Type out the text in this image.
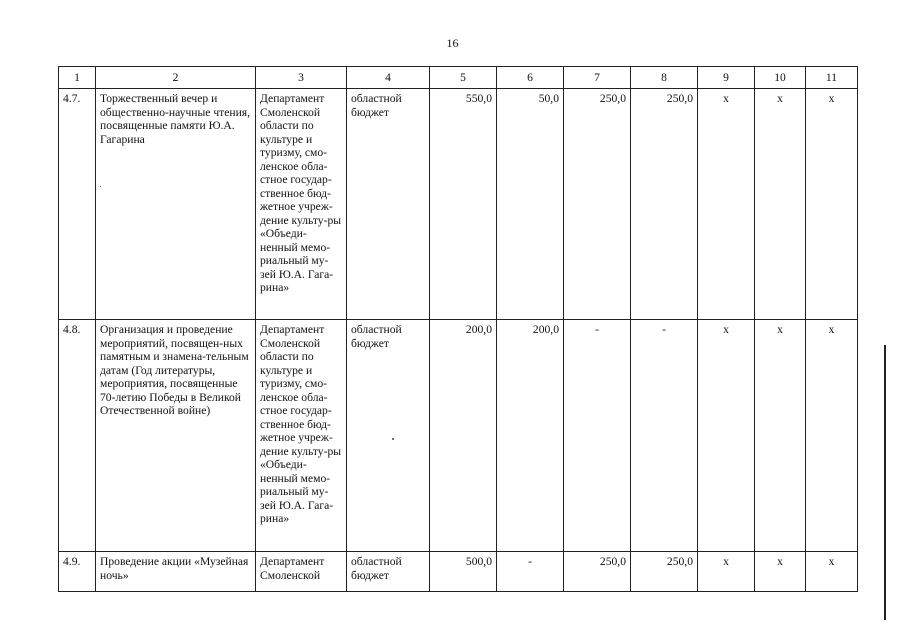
16
1	2	3	4	5	6	7	8	9	10	11
4.7.	Торжественный вечер и общественно-научные чтения, посвященные памяти Ю.А. Гагарина	Департамент Смоленской области по культуре и туризму, смо-ленское обла-стное государ-ственное бюд-жетное учреж-дение культу-ры «Объеди-ненный мемо-риальный му-зей Ю.А. Гага-рина»	областной бюджет	550,0	50,0	250,0	250,0	x	x	x
4.8.	Организация и проведение мероприятий, посвящен-ных памятным и знамена-тельным датам (Год литературы, мероприятия, посвященные 70-летию Победы в Великой Отечественной войне)	Департамент Смоленской области по культуре и туризму, смо-ленское обла-стное государ-ственное бюд-жетное учреж-дение культу-ры «Объеди-ненный мемо-риальный му-зей Ю.А. Гага-рина»	областной бюджет	200,0	200,0	-	-	x	x	x
4.9.	Проведение акции «Музейная ночь»	Департамент Смоленской	областной бюджет	500,0	-	250,0	250,0	x	x	x
